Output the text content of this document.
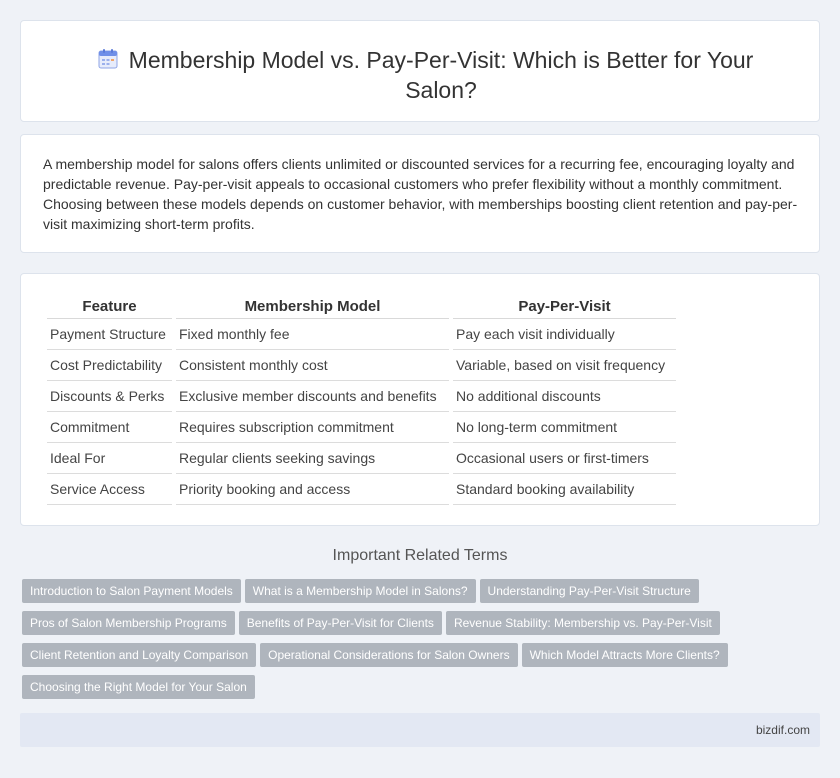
Membership Model vs. Pay-Per-Visit: Which is Better for Your Salon?

A membership model for salons offers clients unlimited or discounted services for a recurring fee, encouraging loyalty and predictable revenue. Pay-per-visit appeals to occasional customers who prefer flexibility without a monthly commitment. Choosing between these models depends on customer behavior, with memberships boosting client retention and pay-per-visit maximizing short-term profits.

Feature	Membership Model	Pay-Per-Visit
Payment Structure	Fixed monthly fee	Pay each visit individually
Cost Predictability	Consistent monthly cost	Variable, based on visit frequency
Discounts & Perks	Exclusive member discounts and benefits	No additional discounts
Commitment	Requires subscription commitment	No long-term commitment
Ideal For	Regular clients seeking savings	Occasional users or first-timers
Service Access	Priority booking and access	Standard booking availability
Important Related Terms
Introduction to Salon Payment Models What is a Membership Model in Salons? Understanding Pay-Per-Visit Structure
Pros of Salon Membership Programs Benefits of Pay-Per-Visit for Clients Revenue Stability: Membership vs. Pay-Per-Visit
Client Retention and Loyalty Comparison Operational Considerations for Salon Owners Which Model Attracts More Clients?
Choosing the Right Model for Your Salon
bizdif.com
